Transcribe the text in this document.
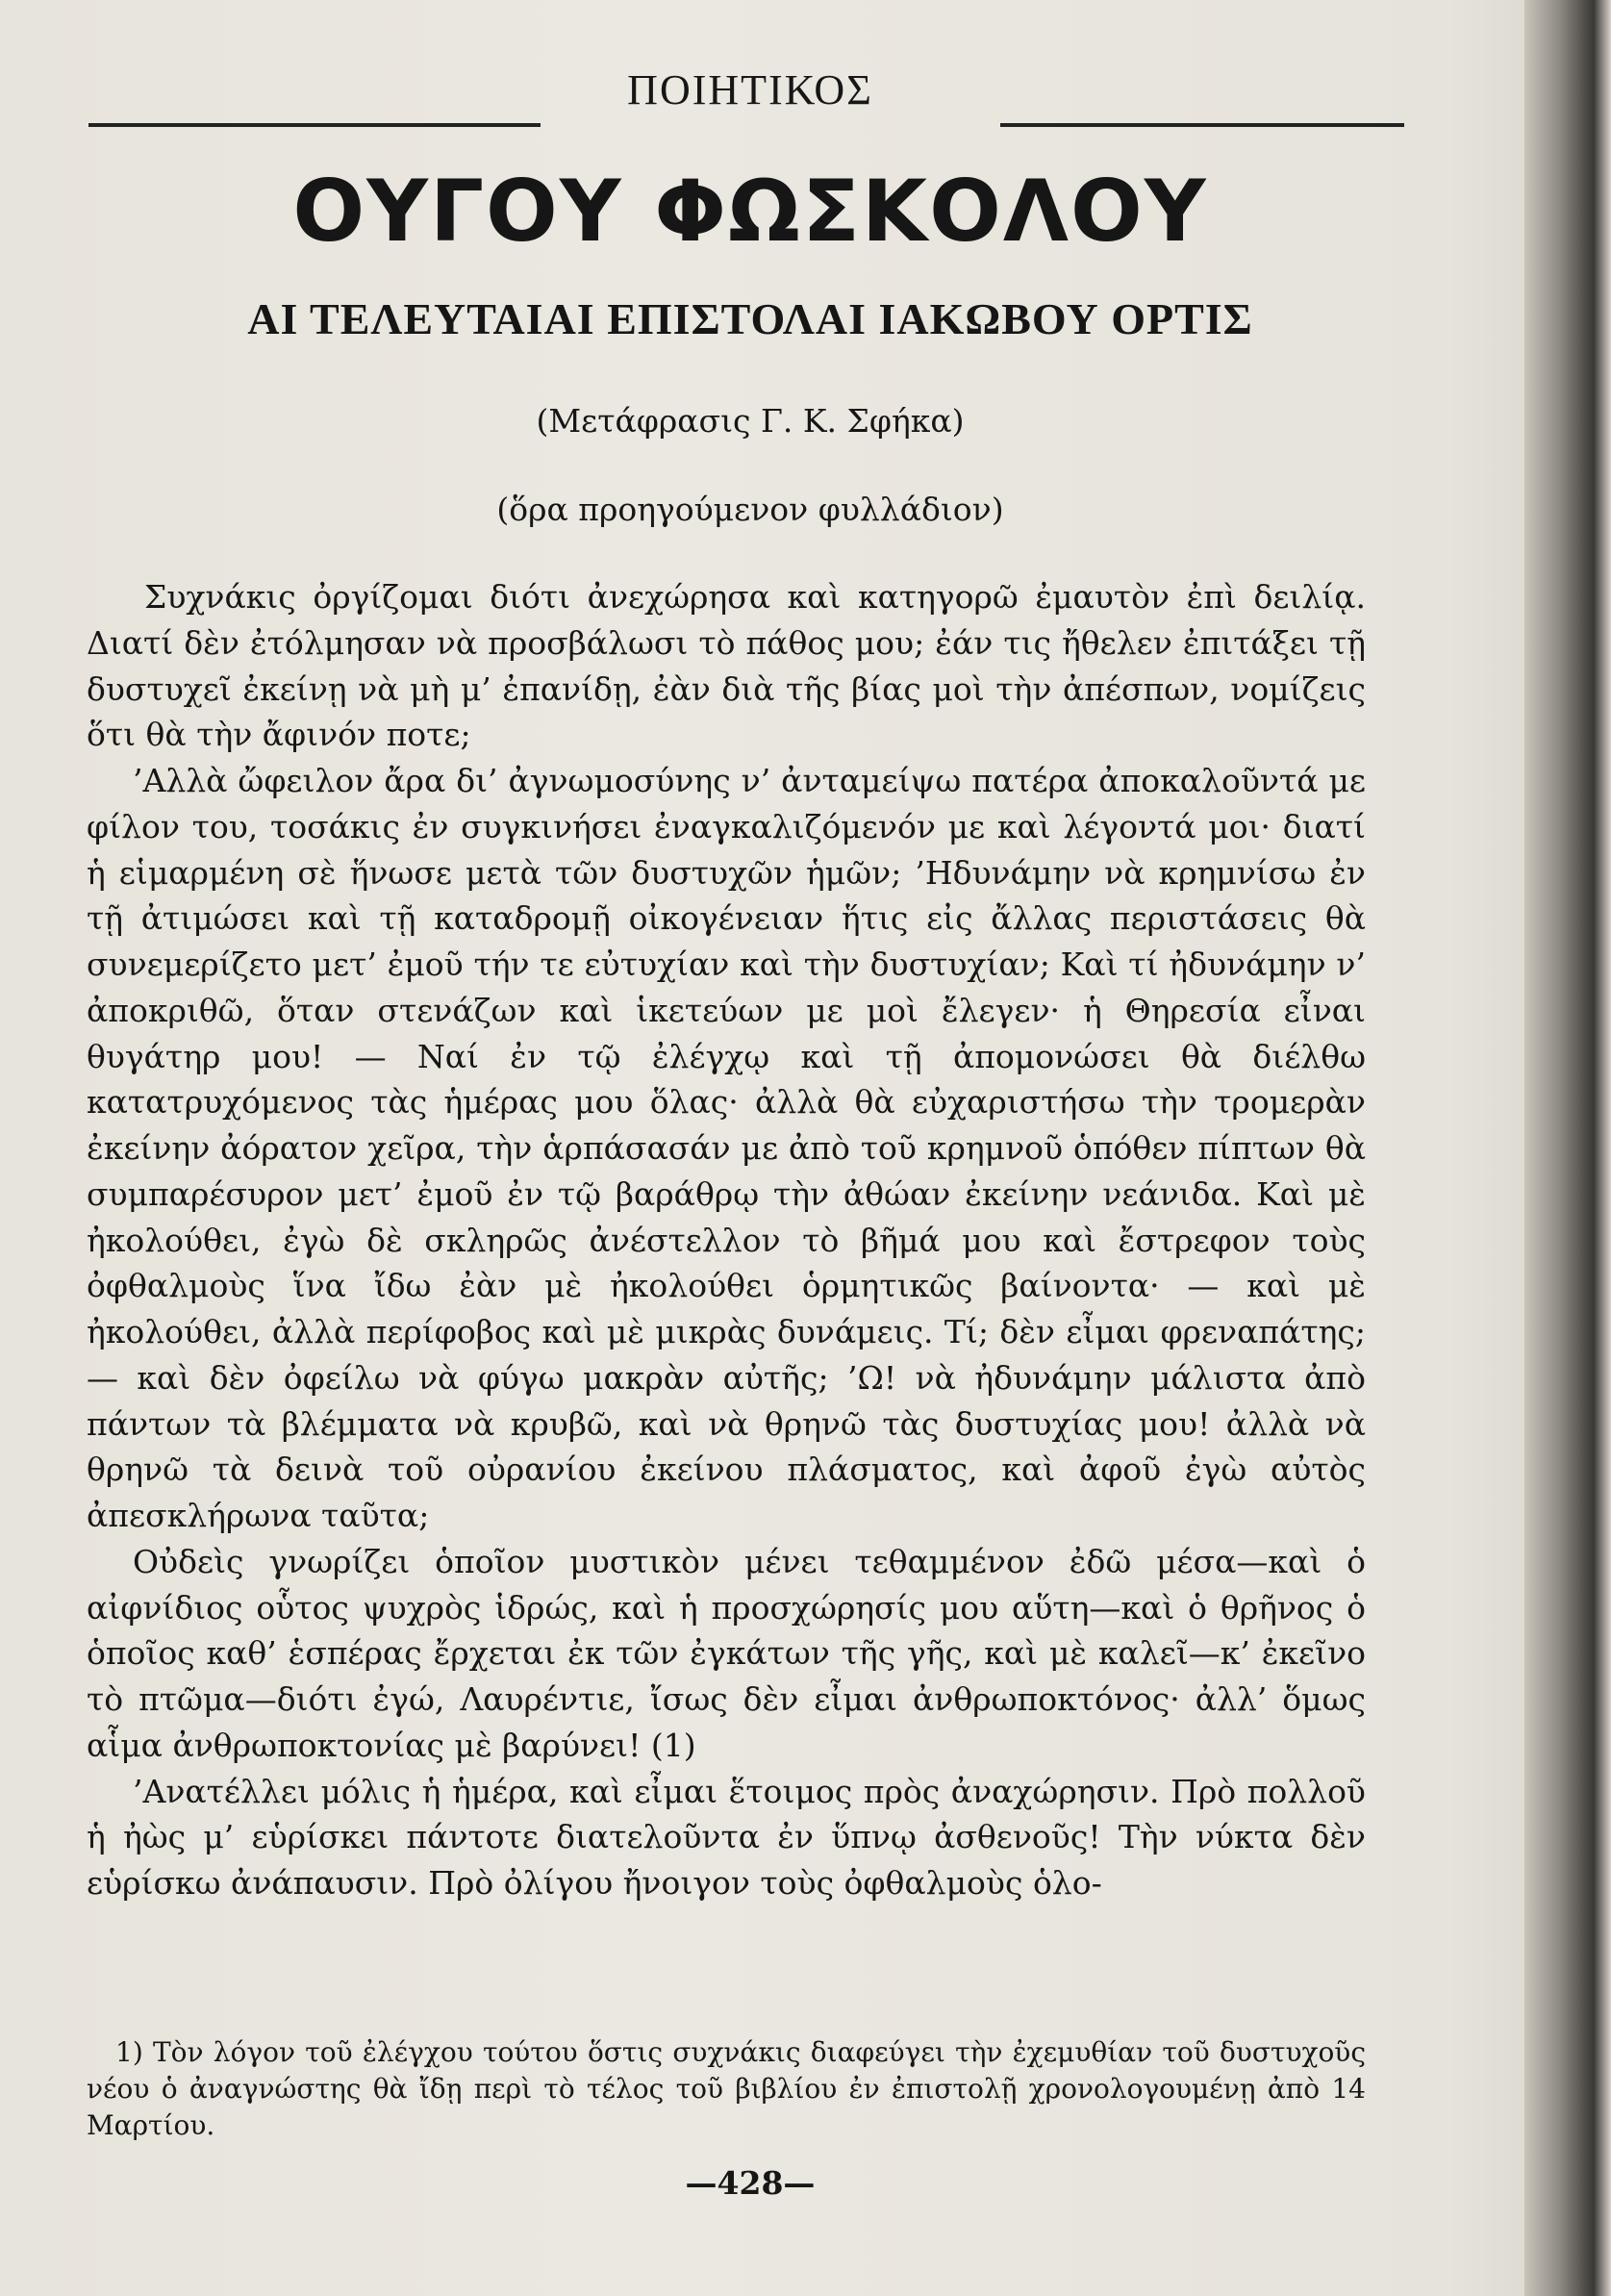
ΠΟΙΗΤΙΚΟΣ
ΟΥΓΟΥ ΦΩΣΚΟΛΟΥ
ΑΙ ΤΕΛΕΥΤΑΙΑΙ ΕΠΙΣΤΟΛΑΙ ΙΑΚΩΒΟΥ ΟΡΤΙΣ
(Μετάφρασις Γ. Κ. Σφήκα)
(ὅρα προηγούμενον φυλλάδιον)

Συχνάκις ὀργίζομαι διότι ἀνεχώρησα καὶ κατηγορῶ ἐμαυτὸν ἐπὶ δειλίᾳ. Διατί δὲν ἐτόλμησαν νὰ προσβάλωσι τὸ πάθος μου; ἐάν τις ἤθελεν ἐπιτάξει τῇ δυστυχεῖ ἐκείνῃ νὰ μὴ μ’ ἐπανίδῃ, ἐὰν διὰ τῆς βίας μοὶ τὴν ἀπέσπων, νομίζεις ὅτι θὰ τὴν ἄφινόν ποτε;

’Αλλὰ ὤφειλον ἄρα δι’ ἀγνωμοσύνης ν’ ἀνταμείψω πατέρα ἀποκαλοῦντά με φίλον του, τοσάκις ἐν συγκινήσει ἐναγκαλιζόμενόν με καὶ λέγοντά μοι· διατί ἡ εἱμαρμένη σὲ ἥνωσε μετὰ τῶν δυστυχῶν ἡμῶν; ’Ηδυνάμην νὰ κρημνίσω ἐν τῇ ἀτιμώσει καὶ τῇ καταδρομῇ οἰκογένειαν ἥτις εἰς ἄλλας περιστάσεις θὰ συνεμερίζετο μετ’ ἐμοῦ τήν τε εὐτυχίαν καὶ τὴν δυστυχίαν; Καὶ τί ἠδυνάμην ν’ ἀποκριθῶ, ὅταν στενάζων καὶ ἱκετεύων με μοὶ ἔλεγεν· ἡ Θηρεσία εἶναι θυγάτηρ μου! — Ναί ἐν τῷ ἐλέγχῳ καὶ τῇ ἀπομονώσει θὰ διέλθω κατατρυχόμενος τὰς ἡμέρας μου ὅλας· ἀλλὰ θὰ εὐχαριστήσω τὴν τρομερὰν ἐκείνην ἀόρατον χεῖρα, τὴν ἁρπάσασάν με ἀπὸ τοῦ κρημνοῦ ὁπόθεν πίπτων θὰ συμπαρέσυρον μετ’ ἐμοῦ ἐν τῷ βαράθρῳ τὴν ἀθώαν ἐκείνην νεάνιδα. Καὶ μὲ ἠκολούθει, ἐγὼ δὲ σκληρῶς ἀνέστελλον τὸ βῆμά μου καὶ ἔστρεφον τοὺς ὀφθαλμοὺς ἵνα ἴδω ἐὰν μὲ ἠκολούθει ὁρμητικῶς βαίνοντα· — καὶ μὲ ἠκολούθει, ἀλλὰ περίφοβος καὶ μὲ μικρὰς δυνάμεις. Τί; δὲν εἶμαι φρεναπάτης; — καὶ δὲν ὀφείλω νὰ φύγω μακρὰν αὐτῆς; ’Ω! νὰ ἠδυνάμην μάλιστα ἀπὸ πάντων τὰ βλέμματα νὰ κρυβῶ, καὶ νὰ θρηνῶ τὰς δυστυχίας μου! ἀλλὰ νὰ θρηνῶ τὰ δεινὰ τοῦ οὐρανίου ἐκείνου πλάσματος, καὶ ἀφοῦ ἐγὼ αὐτὸς ἀπεσκλήρωνα ταῦτα;

Οὐδεὶς γνωρίζει ὁποῖον μυστικὸν μένει τεθαμμένον ἐδῶ μέσα—καὶ ὁ αἰφνίδιος οὗτος ψυχρὸς ἱδρώς, καὶ ἡ προσχώρησίς μου αὕτη—καὶ ὁ θρῆνος ὁ ὁποῖος καθ’ ἑσπέρας ἔρχεται ἐκ τῶν ἐγκάτων τῆς γῆς, καὶ μὲ καλεῖ—κ’ ἐκεῖνο τὸ πτῶμα—διότι ἐγώ, Λαυρέντιε, ἴσως δὲν εἶμαι ἀνθρωποκτόνος· ἀλλ’ ὅμως αἷμα ἀνθρωποκτονίας μὲ βαρύνει! (1)

’Ανατέλλει μόλις ἡ ἡμέρα, καὶ εἶμαι ἕτοιμος πρὸς ἀναχώρησιν. Πρὸ πολλοῦ ἡ ἠὼς μ’ εὑρίσκει πάντοτε διατελοῦντα ἐν ὕπνῳ ἀσθενοῦς! Τὴν νύκτα δὲν εὑρίσκω ἀνάπαυσιν. Πρὸ ὀλίγου ἤνοιγον τοὺς ὀφθαλμοὺς ὁλο-

1) Τὸν λόγον τοῦ ἐλέγχου τούτου ὅστις συχνάκις διαφεύγει τὴν ἐχεμυθίαν τοῦ δυστυχοῦς νέου ὁ ἀναγνώστης θὰ ἴδῃ περὶ τὸ τέλος τοῦ βιβλίου ἐν ἐπιστολῇ χρονολογουμένῃ ἀπὸ 14 Μαρτίου.

—428—
